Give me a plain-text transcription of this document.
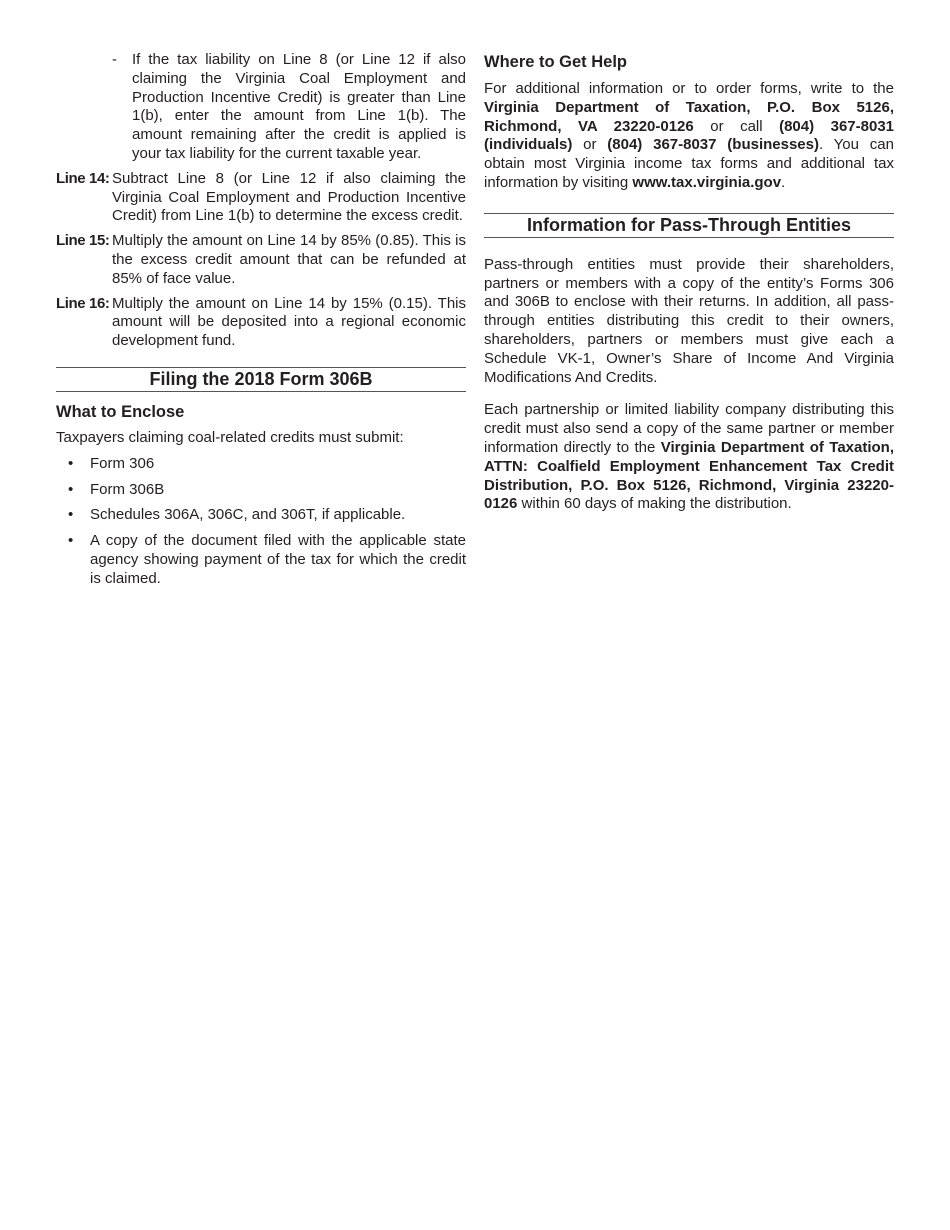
-	If the tax liability on Line 8 (or Line 12 if also claiming the Virginia Coal Employment and Production Incentive Credit) is greater than Line 1(b), enter the amount from Line 1(b). The amount remaining after the credit is applied is your tax liability for the current taxable year.
Line 14: Subtract Line 8 (or Line 12 if also claiming the Virginia Coal Employment and Production Incentive Credit) from Line 1(b) to determine the excess credit.
Line 15: Multiply the amount on Line 14 by 85% (0.85). This is the excess credit amount that can be refunded at 85% of face value.
Line 16: Multiply the amount on Line 14 by 15% (0.15). This amount will be deposited into a regional economic development fund.
Filing the 2018 Form 306B
What to Enclose

Taxpayers claiming coal-related credits must submit:

•	Form 306
•	Form 306B
•	Schedules 306A, 306C, and 306T, if applicable.
•	A copy of the document filed with the applicable state agency showing payment of the tax for which the credit is claimed.
Where to Get Help

For additional information or to order forms, write to the Virginia Department of Taxation, P.O. Box 5126, Richmond, VA 23220-0126 or call (804) 367-8031 (individuals) or (804) 367-8037 (businesses). You can obtain most Virginia income tax forms and additional tax information by visiting www.tax.virginia.gov.

Information for Pass-Through Entities

Pass-through entities must provide their shareholders, partners or members with a copy of the entity’s Forms 306 and 306B to enclose with their returns. In addition, all pass-through entities distributing this credit to their owners, shareholders, partners or members must give each a Schedule VK-1, Owner’s Share of Income And Virginia Modifications And Credits.

Each partnership or limited liability company distributing this credit must also send a copy of the same partner or member information directly to the Virginia Department of Taxation, ATTN: Coalfield Employment Enhancement Tax Credit Distribution, P.O. Box 5126, Richmond, Virginia 23220-0126 within 60 days of making the distribution.
